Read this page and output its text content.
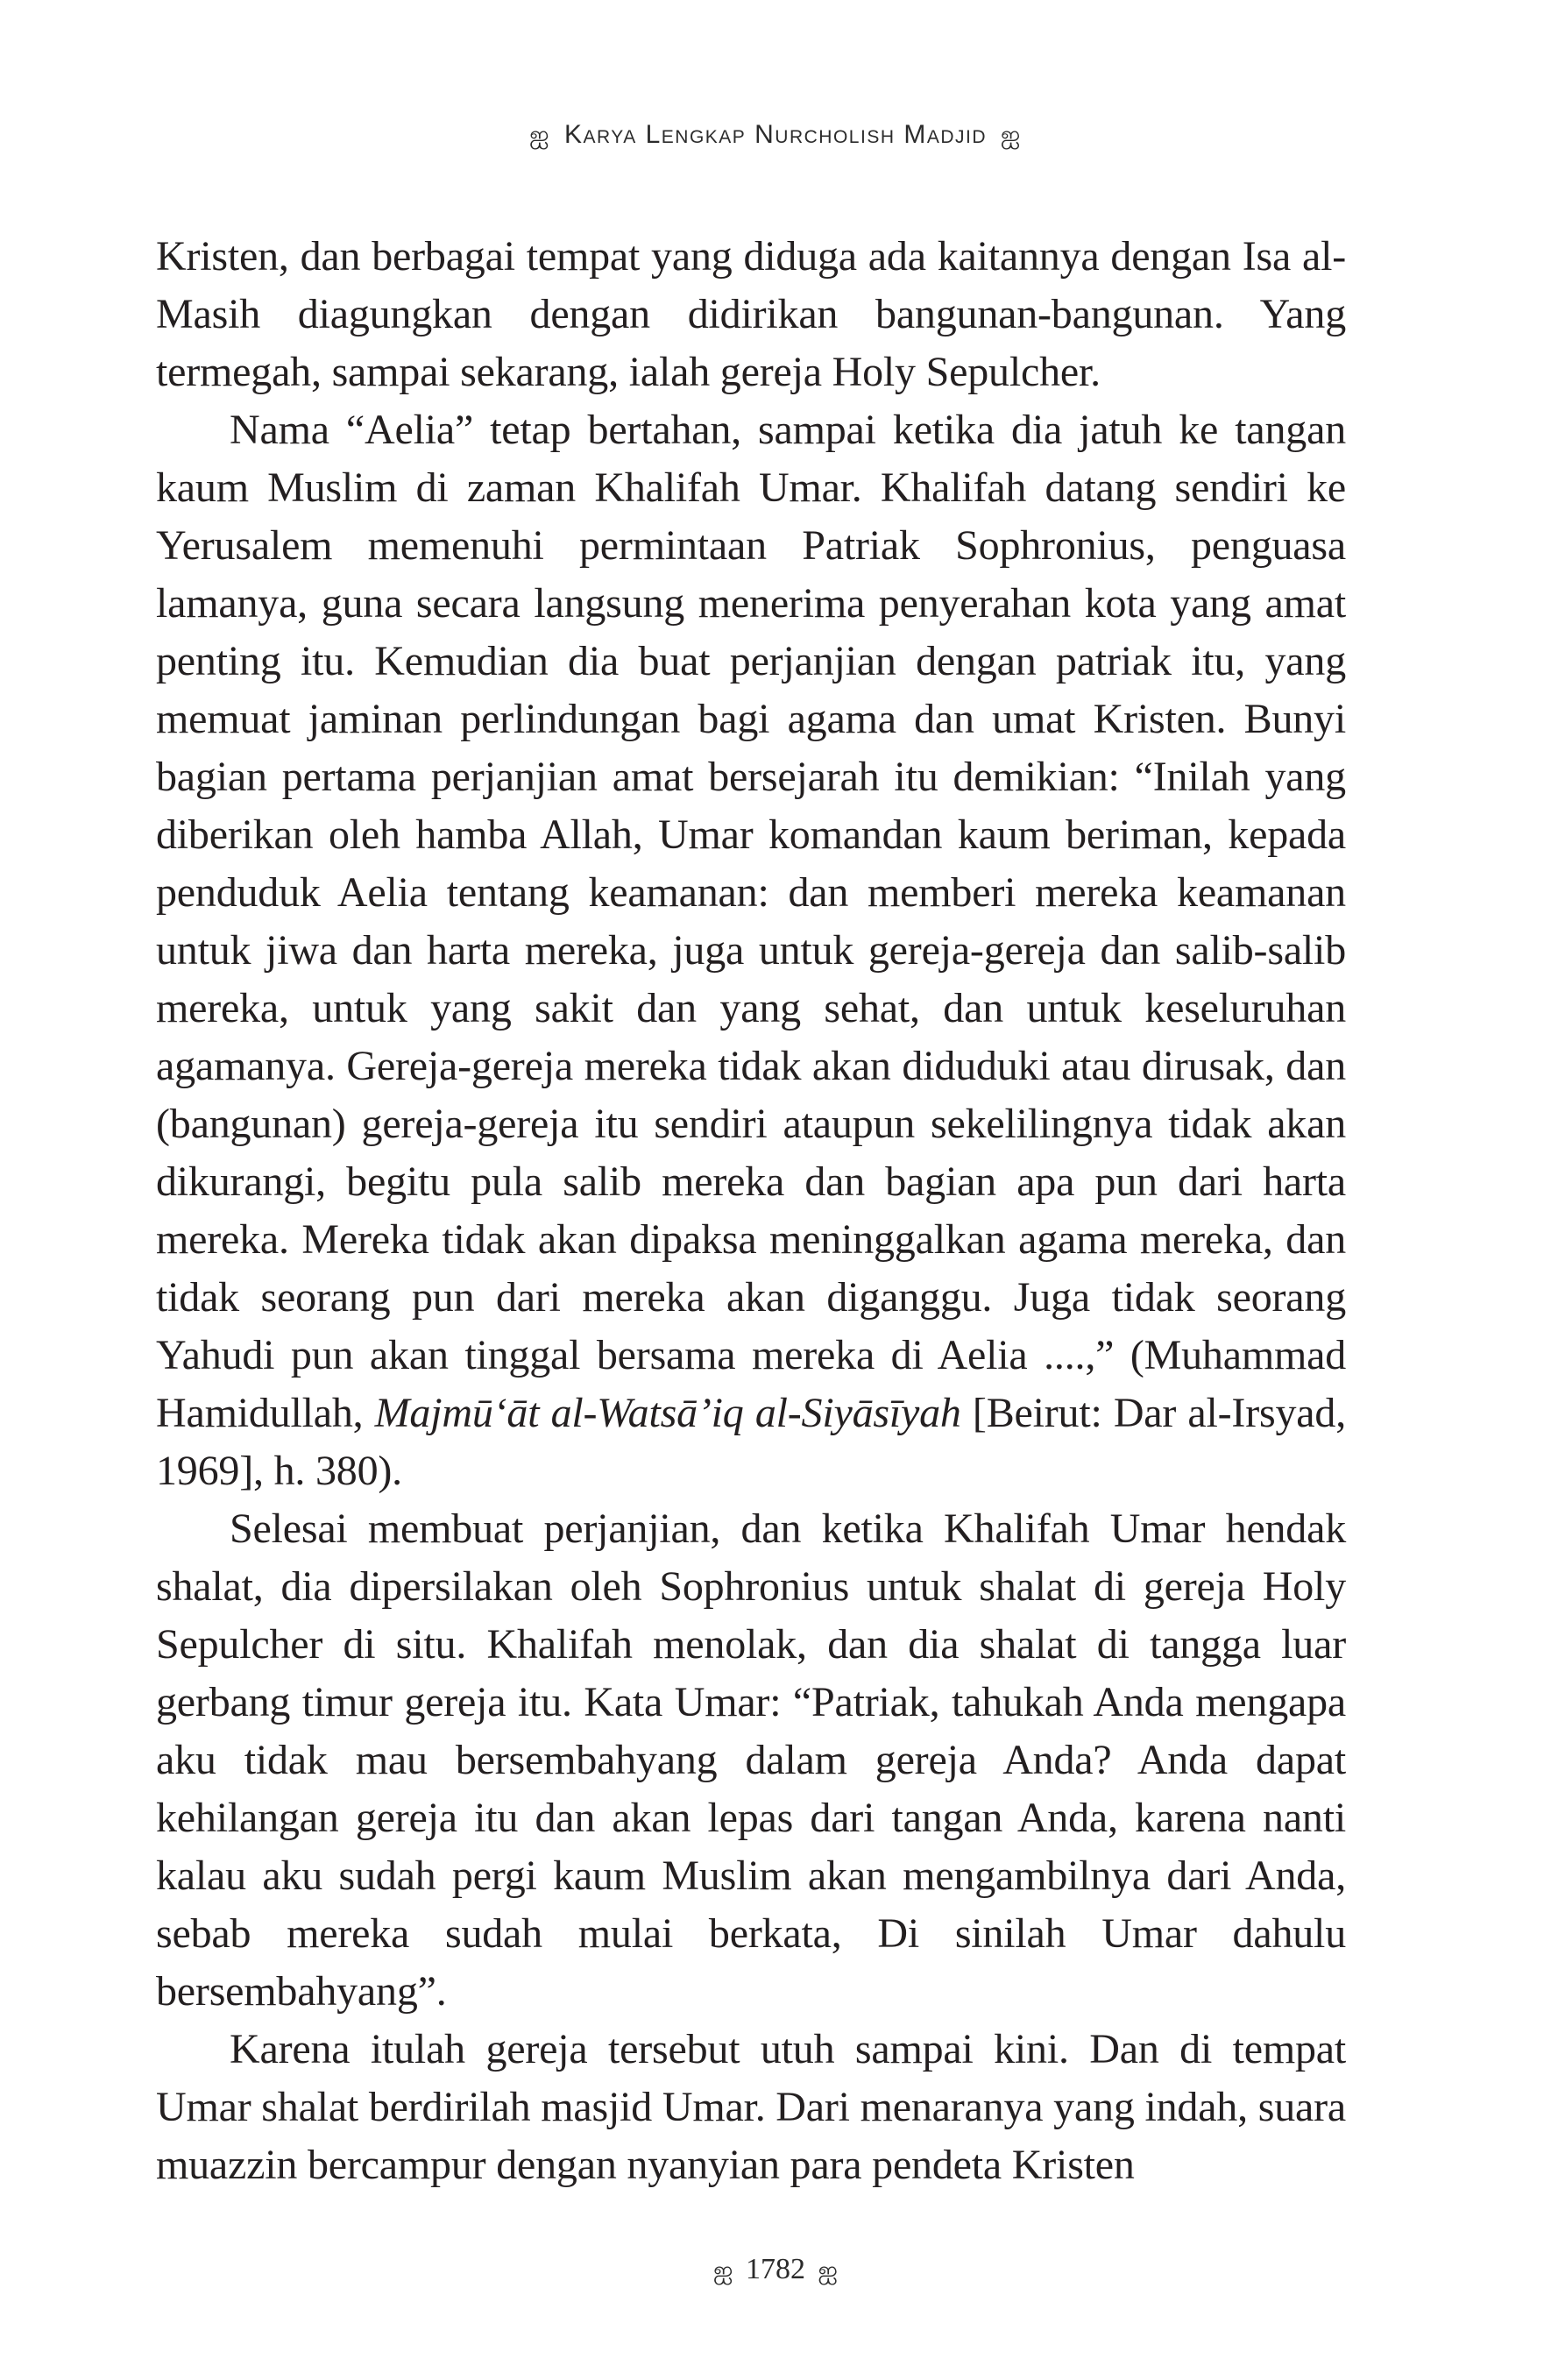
ஐ Karya Lengkap Nurcholish Madjid ஐ

Kristen, dan berbagai tempat yang diduga ada kaitannya dengan Isa al-Masih diagungkan dengan didirikan bangunan-bangunan. Yang termegah, sampai sekarang, ialah gereja Holy Sepulcher.

Nama “Aelia” tetap bertahan, sampai ketika dia jatuh ke tangan kaum Muslim di zaman Khalifah Umar. Khalifah datang sendiri ke Yerusalem memenuhi permintaan Patriak Sophronius, penguasa lamanya, guna secara langsung menerima penyerahan kota yang amat penting itu. Kemudian dia buat perjanjian dengan patriak itu, yang memuat jaminan perlindungan bagi agama dan umat Kristen. Bunyi bagian pertama perjanjian amat bersejarah itu demikian: “Inilah yang diberikan oleh hamba Allah, Umar komandan kaum beriman, kepada penduduk Aelia tentang keamanan: dan memberi mereka keamanan untuk jiwa dan harta mereka, juga untuk gereja-gereja dan salib-salib mereka, untuk yang sakit dan yang sehat, dan untuk keseluruhan agamanya. Gereja-gereja mereka tidak akan diduduki atau dirusak, dan (bangunan) gereja-gereja itu sendiri ataupun sekelilingnya tidak akan dikurangi, begitu pula salib mereka dan bagian apa pun dari harta mereka. Mereka tidak akan dipaksa meninggalkan agama mereka, dan tidak seorang pun dari mereka akan diganggu. Juga tidak seorang Yahudi pun akan tinggal bersama mereka di Aelia ....,” (Muhammad Hamidullah, Majmū‘āt al-Watsā’iq al-Siyāsīyah [Beirut: Dar al-Irsyad, 1969], h. 380).

Selesai membuat perjanjian, dan ketika Khalifah Umar hendak shalat, dia dipersilakan oleh Sophronius untuk shalat di gereja Holy Sepulcher di situ. Khalifah menolak, dan dia shalat di tangga luar gerbang timur gereja itu. Kata Umar: “Patriak, tahukah Anda mengapa aku tidak mau bersembahyang dalam gereja Anda? Anda dapat kehilangan gereja itu dan akan lepas dari tangan Anda, karena nanti kalau aku sudah pergi kaum Muslim akan mengambilnya dari Anda, sebab mereka sudah mulai berkata, Di sinilah Umar dahulu bersembahyang”.

Karena itulah gereja tersebut utuh sampai kini. Dan di tempat Umar shalat berdirilah masjid Umar. Dari menaranya yang indah, suara muazzin bercampur dengan nyanyian para pendeta Kristen

ஐ 1782 ஐ
